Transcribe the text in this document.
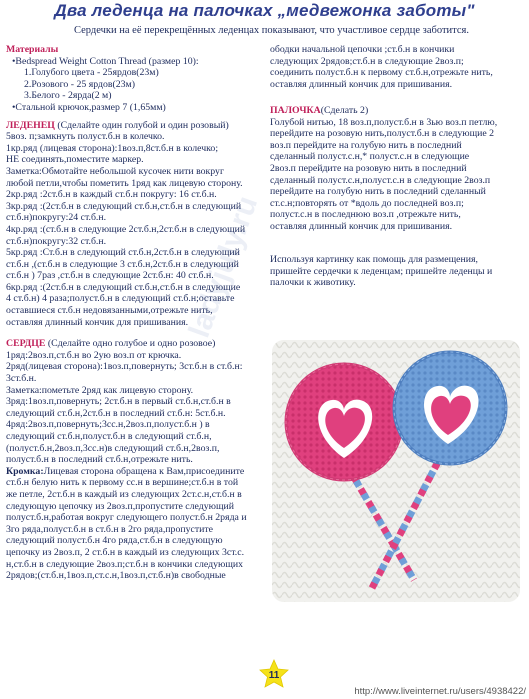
Два леденца на палочках „медвежонка заботы"
Сердечки на её перекрещённых леденцах показывают, что участливое сердце заботится.
ladyjuly.ru
Материалы
•Bedspread Weight Cotton Thread (размер 10):
1.Голубого цвета - 25ярдов(23м)
2.Розового - 25 ярдов(23м)
3.Белого - 2ярда(2 м)
•Стальной крючок,размер 7 (1,65мм)
ЛЕДЕНЕЦ (Сделайте один голубой и один розовый)
5воз. п;замкнуть полуст.б.н в колечко.
1кр.ряд (лицевая сторона):1воз.п,8ст.б.н в колечко;
НЕ соединять,поместите маркер.
Заметка:Обмотайте небольшой кусочек нити вокруг
любой петли,чтобы пометить 1ряд как лицевую сторону.
2кр.ряд :2ст.б.н в каждый ст.б.н покругу: 16 ст.б.н.
3кр.ряд :(2ст.б.н в следующий ст.б.н,ст.б.н в следующий
ст.б.н)покругу:24 ст.б.н.
4кр.ряд :(ст.б.н в следующие 2ст.б.н,2ст.б.н в следующий
ст.б.н)покругу:32 ст.б.н.
5кр.ряд :Ст.б.н в следующий ст.б.н,2ст.б.н в следующий
ст.б.н ,(ст.б.н в следующие 3 ст.б.н,2ст.б.н в следующий
ст.б.н ) 7раз ,ст.б.н в следующие 2ст.б.н: 40 ст.б.н.
6кр.ряд :(2ст.б.н в следующий ст.б.н,ст.б.н в следующие
4 ст.б.н) 4 раза;полуст.б.н в следующий ст.б.н;оставьте
оставшиеся ст.б.н недовязанными,отрежьте нить,
оставляя длинный кончик для пришивания.
СЕРДЦЕ (Сделайте одно голубое и одно розовое)
1ряд:2воз.п,ст.б.н во 2ую воз.п от крючка.
2ряд(лицевая сторона):1воз.п,повернуть; 3ст.б.н в ст.б.н:
3ст.б.н.
Заметка:пометьте 2ряд как лицевую сторону.
3ряд:1воз.п,повернуть; 2ст.б.н в первый ст.б.н,ст.б.н в
следующий ст.б.н,2ст.б.н в последний ст.б.н: 5ст.б.н.
4ряд:2воз.п,повернуть;3сс.н,2воз.п,полуст.б.н ) в
следующий ст.б.н,полуст.б.н в следующий ст.б.н,
(полуст.б.н,2воз.п,3сс.н)в следующий ст.б.н,2воз.п,
полуст.б.н в последний ст.б.н,отрежьте нить.
Кромка:Лицевая сторона обращена к Вам,присоедините
ст.б.н белую нить к первому сс.н в вершине;ст.б.н в той
же петле, 2ст.б.н в каждый из следующих 2ст.с.н,ст.б.н в
следующую цепочку из 2воз.п,пропустите следующий
полуст.б.н,работая вокруг следующего полуст.б.н 2ряда и
3го ряда,полуст.б.н в ст.б.н в 2го ряда,пропустите
следующий полуст.б.н 4го ряда,ст.б.н в следующую
цепочку из 2воз.п, 2 ст.б.н в каждый из следующих 3ст.с.
н,ст.б.н в следующие 2воз.п;ст.б.н в кончики следующих
2рядов;(ст.б.н,1воз.п,ст.с.н,1воз.п,ст.б.н)в свободные
ободки начальной цепочки ;ст.б.н в кончики
следующих 2рядов;ст.б.н в следующие 2воз.п;
соединить полуст.б.н к первому ст.б.н,отрежьте нить,
оставляя длинный кончик для пришивания.
ПАЛОЧКА(Сделать 2)
Голубой нитью, 18 воз.п,полуст.б.н в 3ью воз.п петлю,
перейдите на розовую нить,полуст.б.н в следующие 2
воз.п перейдите на голубую нить в последний
сделанный полуст.с.н,* полуст.с.н в следующие
2воз.п перейдите на розовую нить в последний
сделанный полуст.с.н,полуст.с.н в следующие 2воз.п
перейдите на голубую нить в последний сделанный
ст.с.н;повторять от *вдоль до последней воз.п;
полуст.с.н в последнюю воз.п ,отрежьте нить,
оставляя длинный кончик для пришивания.
Используя картинку как помощь для размещения,
пришейте сердечки к леденцам; пришейте леденцы и
палочки к животику.
11
http://www.liveinternet.ru/users/4938422/
